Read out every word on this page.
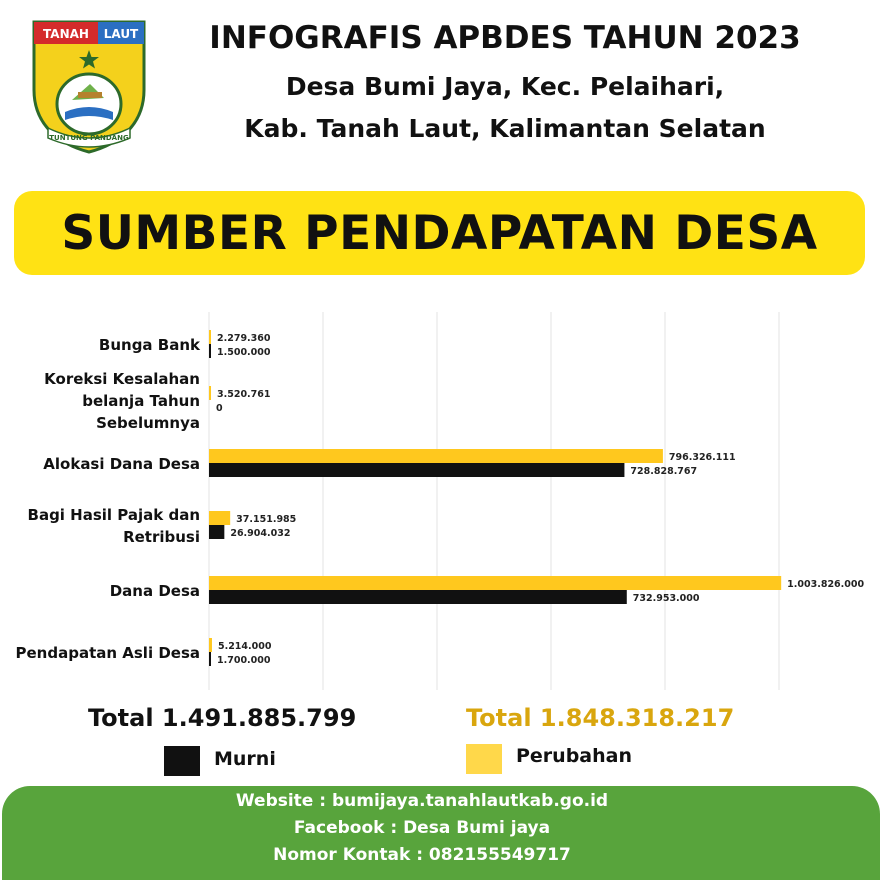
TANAH LAUT
TUNTUNG PANDANG
INFOGRAFIS APBDES TAHUN 2023
Desa Bumi Jaya, Kec. Pelaihari,
Kab. Tanah Laut, Kalimantan Selatan
SUMBER PENDAPATAN DESA
Bunga Bank 2.279.360
1.500.000
Koreksi Kesalahan
belanja Tahun
Sebelumnya
3.520.761
0
Alokasi Dana Desa	796.326.111
728.828.767
Bagi Hasil Pajak dan
Retribusi
37.151.985
26.904.032
Dana Desa	1.003.826.000
732.953.000
Pendapatan Asli Desa 5.214.000
1.700.000
Total 1.491.885.799	Total 1.848.318.217
Murni	Perubahan
Website : bumijaya.tanahlautkab.go.id
Facebook : Desa Bumi jaya
Nomor Kontak : 082155549717
